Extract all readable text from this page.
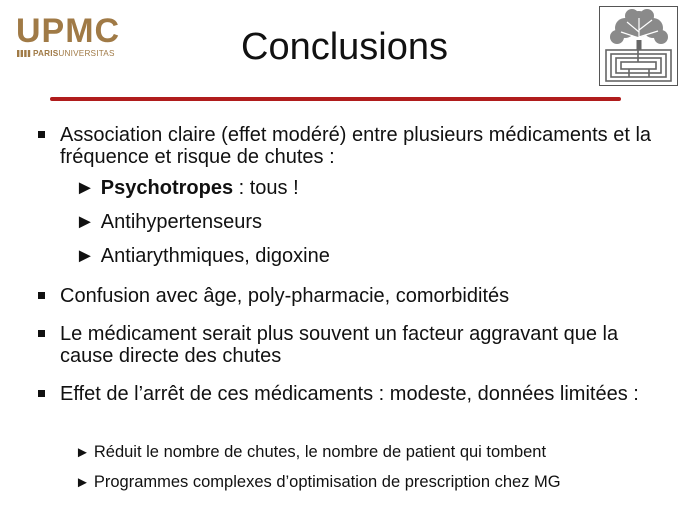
UPMC
PARISUNIVERSITAS	Conclusions
Association claire (effet modéré) entre plusieurs médicaments et la fréquence et risque de chutes :
► Psychotropes : tous !
► Antihypertenseurs
► Antiarythmiques, digoxine
Confusion avec âge, poly-pharmacie, comorbidités
Le médicament serait plus souvent un facteur aggravant que la cause directe des chutes
Effet de l’arrêt de ces médicaments : modeste, données limitées :
► Réduit le nombre de chutes, le nombre de patient qui tombent
► Programmes complexes d’optimisation de prescription chez MG
